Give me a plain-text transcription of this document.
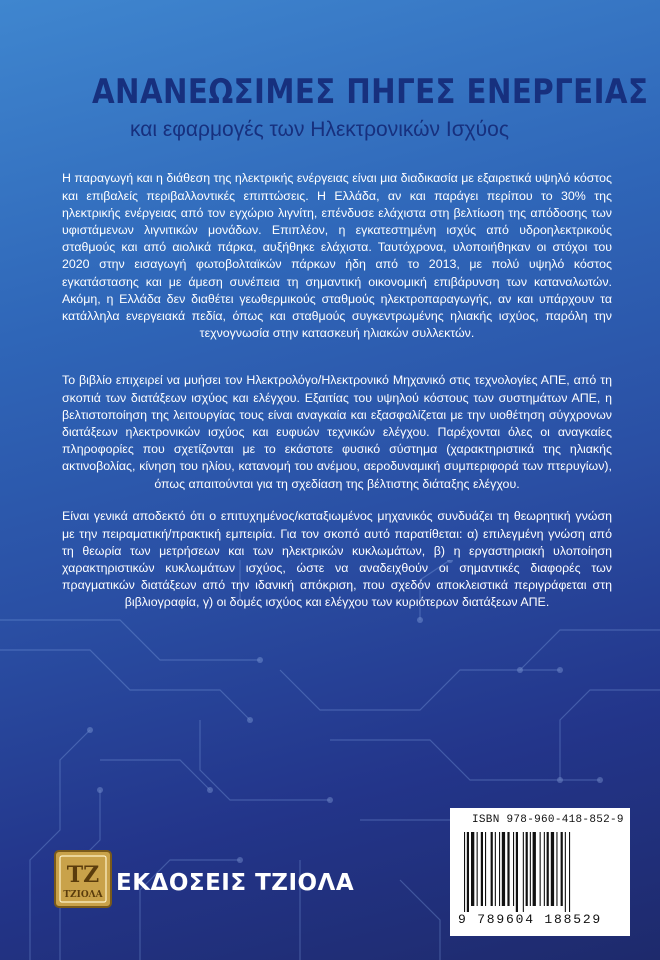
ΑΝΑΝΕΩΣΙΜΕΣ ΠΗΓΕΣ ΕΝΕΡΓΕΙΑΣ
και εφαρμογές των Ηλεκτρονικών Ισχύος

Η παραγωγή και η διάθεση της ηλεκτρικής ενέργειας είναι μια διαδικασία με εξαιρετικά υψηλό κόστος και επιβαλείς περιβαλλοντικές επιπτώσεις. Η Ελλάδα, αν και παράγει περίπου το 30% της ηλεκτρικής ενέργειας από τον εγχώριο λιγνίτη, επένδυσε ελάχιστα στη βελτίωση της απόδοσης των υφιστάμενων λιγνιτικών μονάδων. Επιπλέον, η εγκατεστημένη ισχύς από υδροηλεκτρικούς σταθμούς και από αιολικά πάρκα, αυξήθηκε ελάχιστα. Ταυτόχρονα, υλοποιήθηκαν οι στόχοι του 2020 στην εισαγωγή φωτοβολταϊκών πάρκων ήδη από το 2013, με πολύ υψηλό κόστος εγκατάστασης και με άμεση συνέπεια τη σημαντική οικονομική επιβάρυνση των καταναλωτών. Ακόμη, η Ελλάδα δεν διαθέτει γεωθερμικούς σταθμούς ηλεκτροπαραγωγής, αν και υπάρχουν τα κατάλληλα ενεργειακά πεδία, όπως και σταθμούς συγκεντρωμένης ηλιακής ισχύος, παρόλη την τεχνογνωσία στην κατασκευή ηλιακών συλλεκτών.

Το βιβλίο επιχειρεί να μυήσει τον Ηλεκτρολόγο/Ηλεκτρονικό Μηχανικό στις τεχνολογίες ΑΠΕ, από τη σκοπιά των διατάξεων ισχύος και ελέγχου. Εξαιτίας του υψηλού κόστους των συστημάτων ΑΠΕ, η βελτιστοποίηση της λειτουργίας τους είναι αναγκαία και εξασφαλίζεται με την υιοθέτηση σύγχρονων διατάξεων ηλεκτρονικών ισχύος και ευφυών τεχνικών ελέγχου. Παρέχονται όλες οι αναγκαίες πληροφορίες που σχετίζονται με το εκάστοτε φυσικό σύστημα (χαρακτηριστικά της ηλιακής ακτινοβολίας, κίνηση του ηλίου, κατανομή του ανέμου, αεροδυναμική συμπεριφορά των πτερυγίων), όπως απαιτούνται για τη σχεδίαση της βέλτιστης διάταξης ελέγχου.

Είναι γενικά αποδεκτό ότι ο επιτυχημένος/καταξιωμένος μηχανικός συνδυάζει τη θεωρητική γνώση με την πειραματική/πρακτική εμπειρία. Για τον σκοπό αυτό παρατίθεται: α) επιλεγμένη γνώση από τη θεωρία των μετρήσεων και των ηλεκτρικών κυκλωμάτων, β) η εργαστηριακή υλοποίηση χαρακτηριστικών κυκλωμάτων ισχύος, ώστε να αναδειχθούν οι σημαντικές διαφορές των πραγματικών διατάξεων από την ιδανική απόκριση, που σχεδόν αποκλειστικά περιγράφεται στη βιβλιογραφία, γ) οι δομές ισχύος και ελέγχου των κυριότερων διατάξεων ΑΠΕ.

ΤΖ
ΤΖΙΟΛΑ ΕΚΔΟΣΕΙΣ ΤΖΙΟΛΑ
ISBN 978-960-418-852-9
9 789604 188529
